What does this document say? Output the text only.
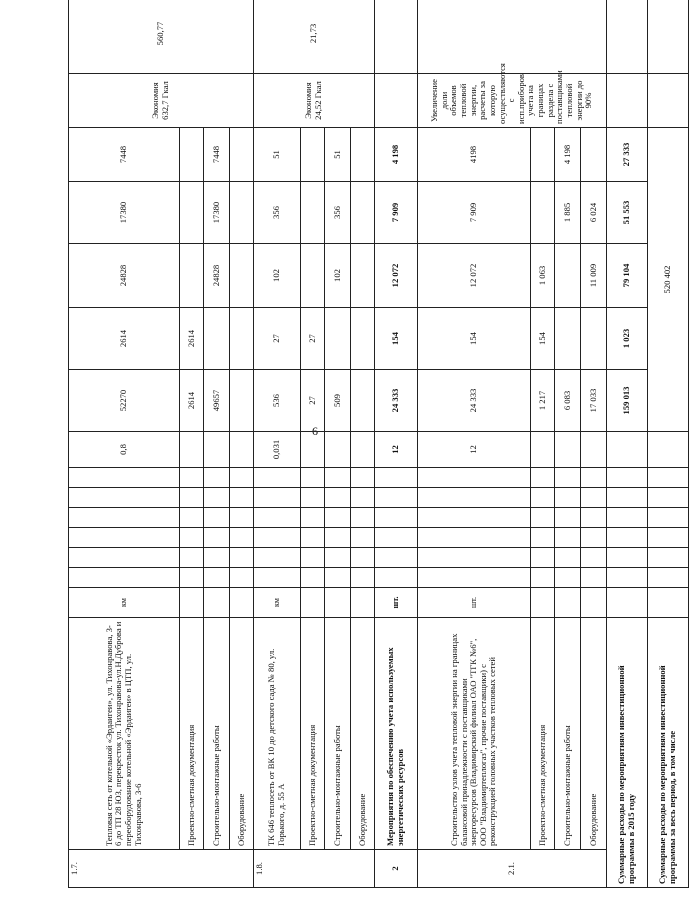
6
1.7.	Тепловая сеть от котельной «Эрдаигеи», ул. Тихонравова, 3-6 до ТП 28 ЮЗ, перекресток ул. Тихонравова-ул.Н.Дуброва и переоборудование котельной «Эрдаигеи» в ЦТП, ул. Тихонравова, 3-6	км							0,8	52270	2614	24828	17380	7448	Экономия 632,7 Гкал	560,77	
	Проектно-сметная документация									2614	2614						
	Строительно-монтажные работы									49657		24828	17380	7448			
	Оборудование																
1.8.	ТК 646 теплосеть от ВК 10 до детского сада № 80, ул. Горького, д. 55 А	км							0,031	536	27	102	356	51	Экономия 24,52 Гкал	21,73	
	Проектно-сметная документация									27	27						
	Строительно-монтажные работы									509		102	356	51			
	Оборудование																
2	Мероприятия по обеспечению учета используемых энергетических ресурсов	шт.							12	24 333	154	12 072	7 909	4 198			
2.1.	Строительство узлов учета тепловой энергии на границах балансовой принадлежности с поставщиками энергоресурсов (Владимирский филиал ОАО "ТГК №6", ООО "Владимиртеплогаз", прочие поставщики) с реконструкцией головных участков тепловых сетей	шт.							12	24 333	154	12 072	7 909	4198	Увеличение доли объемов тепловой энергии, расчеты за которую осуществляются с исп.приборов учета на границах раздела с поставщиками тепловой энергии до 90%		
	Проектно-сметная документация									1 217	154	1 063					
	Строительно-монтажные работы									6 083			1 885	4 198			
	Оборудование									17 033		11 009	6 024				
Суммарные расходы по мероприятиям инвестиционной программы в 2015 году										159 013	1 023	79 104	51 553	27 333			
Суммарные расходы по мероприятиям инвестиционной программы за весь период, в том числе										520 402							
